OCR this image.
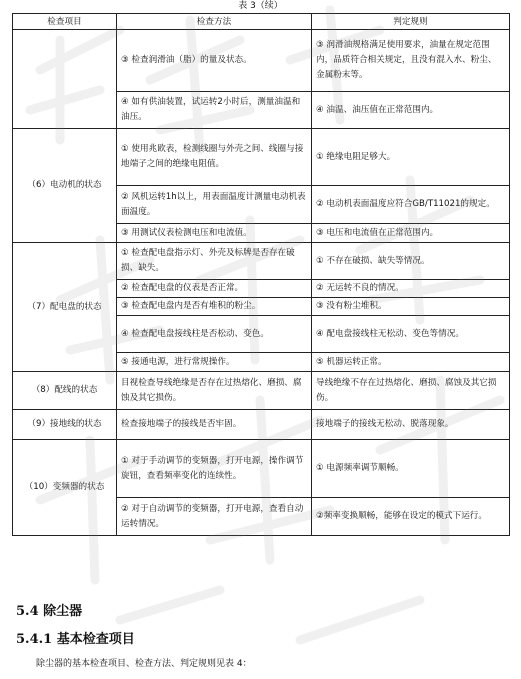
表 3（续）
检查项目	检查方法	判定规则
	③ 检查润滑油（脂）的量及状态。	③ 润滑油规格满足使用要求，油量在规定范围内，品质符合相关规定，且没有混入水、粉尘、金属粉末等。
	④ 如有供油装置，试运转2小时后，测量油温和油压。	④ 油温、油压值在正常范围内。
（6）电动机的状态	① 使用兆欧表，检测线圈与外壳之间、线圈与接地端子之间的绝缘电阻值。	① 绝缘电阻足够大。
	② 风机运转1h以上，用表面温度计测量电动机表面温度。	② 电动机表面温度应符合GB/T11021的规定。
	③ 用测试仪表检测电压和电流值。	③ 电压和电流值在正常范围内。
（7）配电盘的状态	① 检查配电盘指示灯、外壳及标牌是否存在破损、缺失。	① 不存在破损、缺失等情况。
	② 检查配电盘的仪表是否正常。	② 无运转不良的情况。
	③ 检查配电盘内是否有堆积的粉尘。	③ 没有粉尘堆积。
	④ 检查配电盘接线柱是否松动、变色。	④ 配电盘接线柱无松动、变色等情况。
	⑤ 接通电源，进行常规操作。	⑤ 机器运转正常。
（8）配线的状态	目视检查导线绝缘是否存在过热熔化、磨损、腐蚀及其它损伤。	导线绝缘不存在过热熔化、磨损、腐蚀及其它损伤。
（9）接地线的状态	检查接地端子的接线是否牢固。	接地端子的接线无松动、脱落现象。
（10）变频器的状态	① 对于手动调节的变频器，打开电源，操作调节旋钮，查看频率变化的连续性。	① 电源频率调节顺畅。
	② 对于自动调节的变频器，打开电源，查看自动运转情况。	②频率变换顺畅，能够在设定的模式下运行。
5.4 除尘器
5.4.1 基本检查项目
除尘器的基本检查项目、检查方法、判定规则见表 4：
